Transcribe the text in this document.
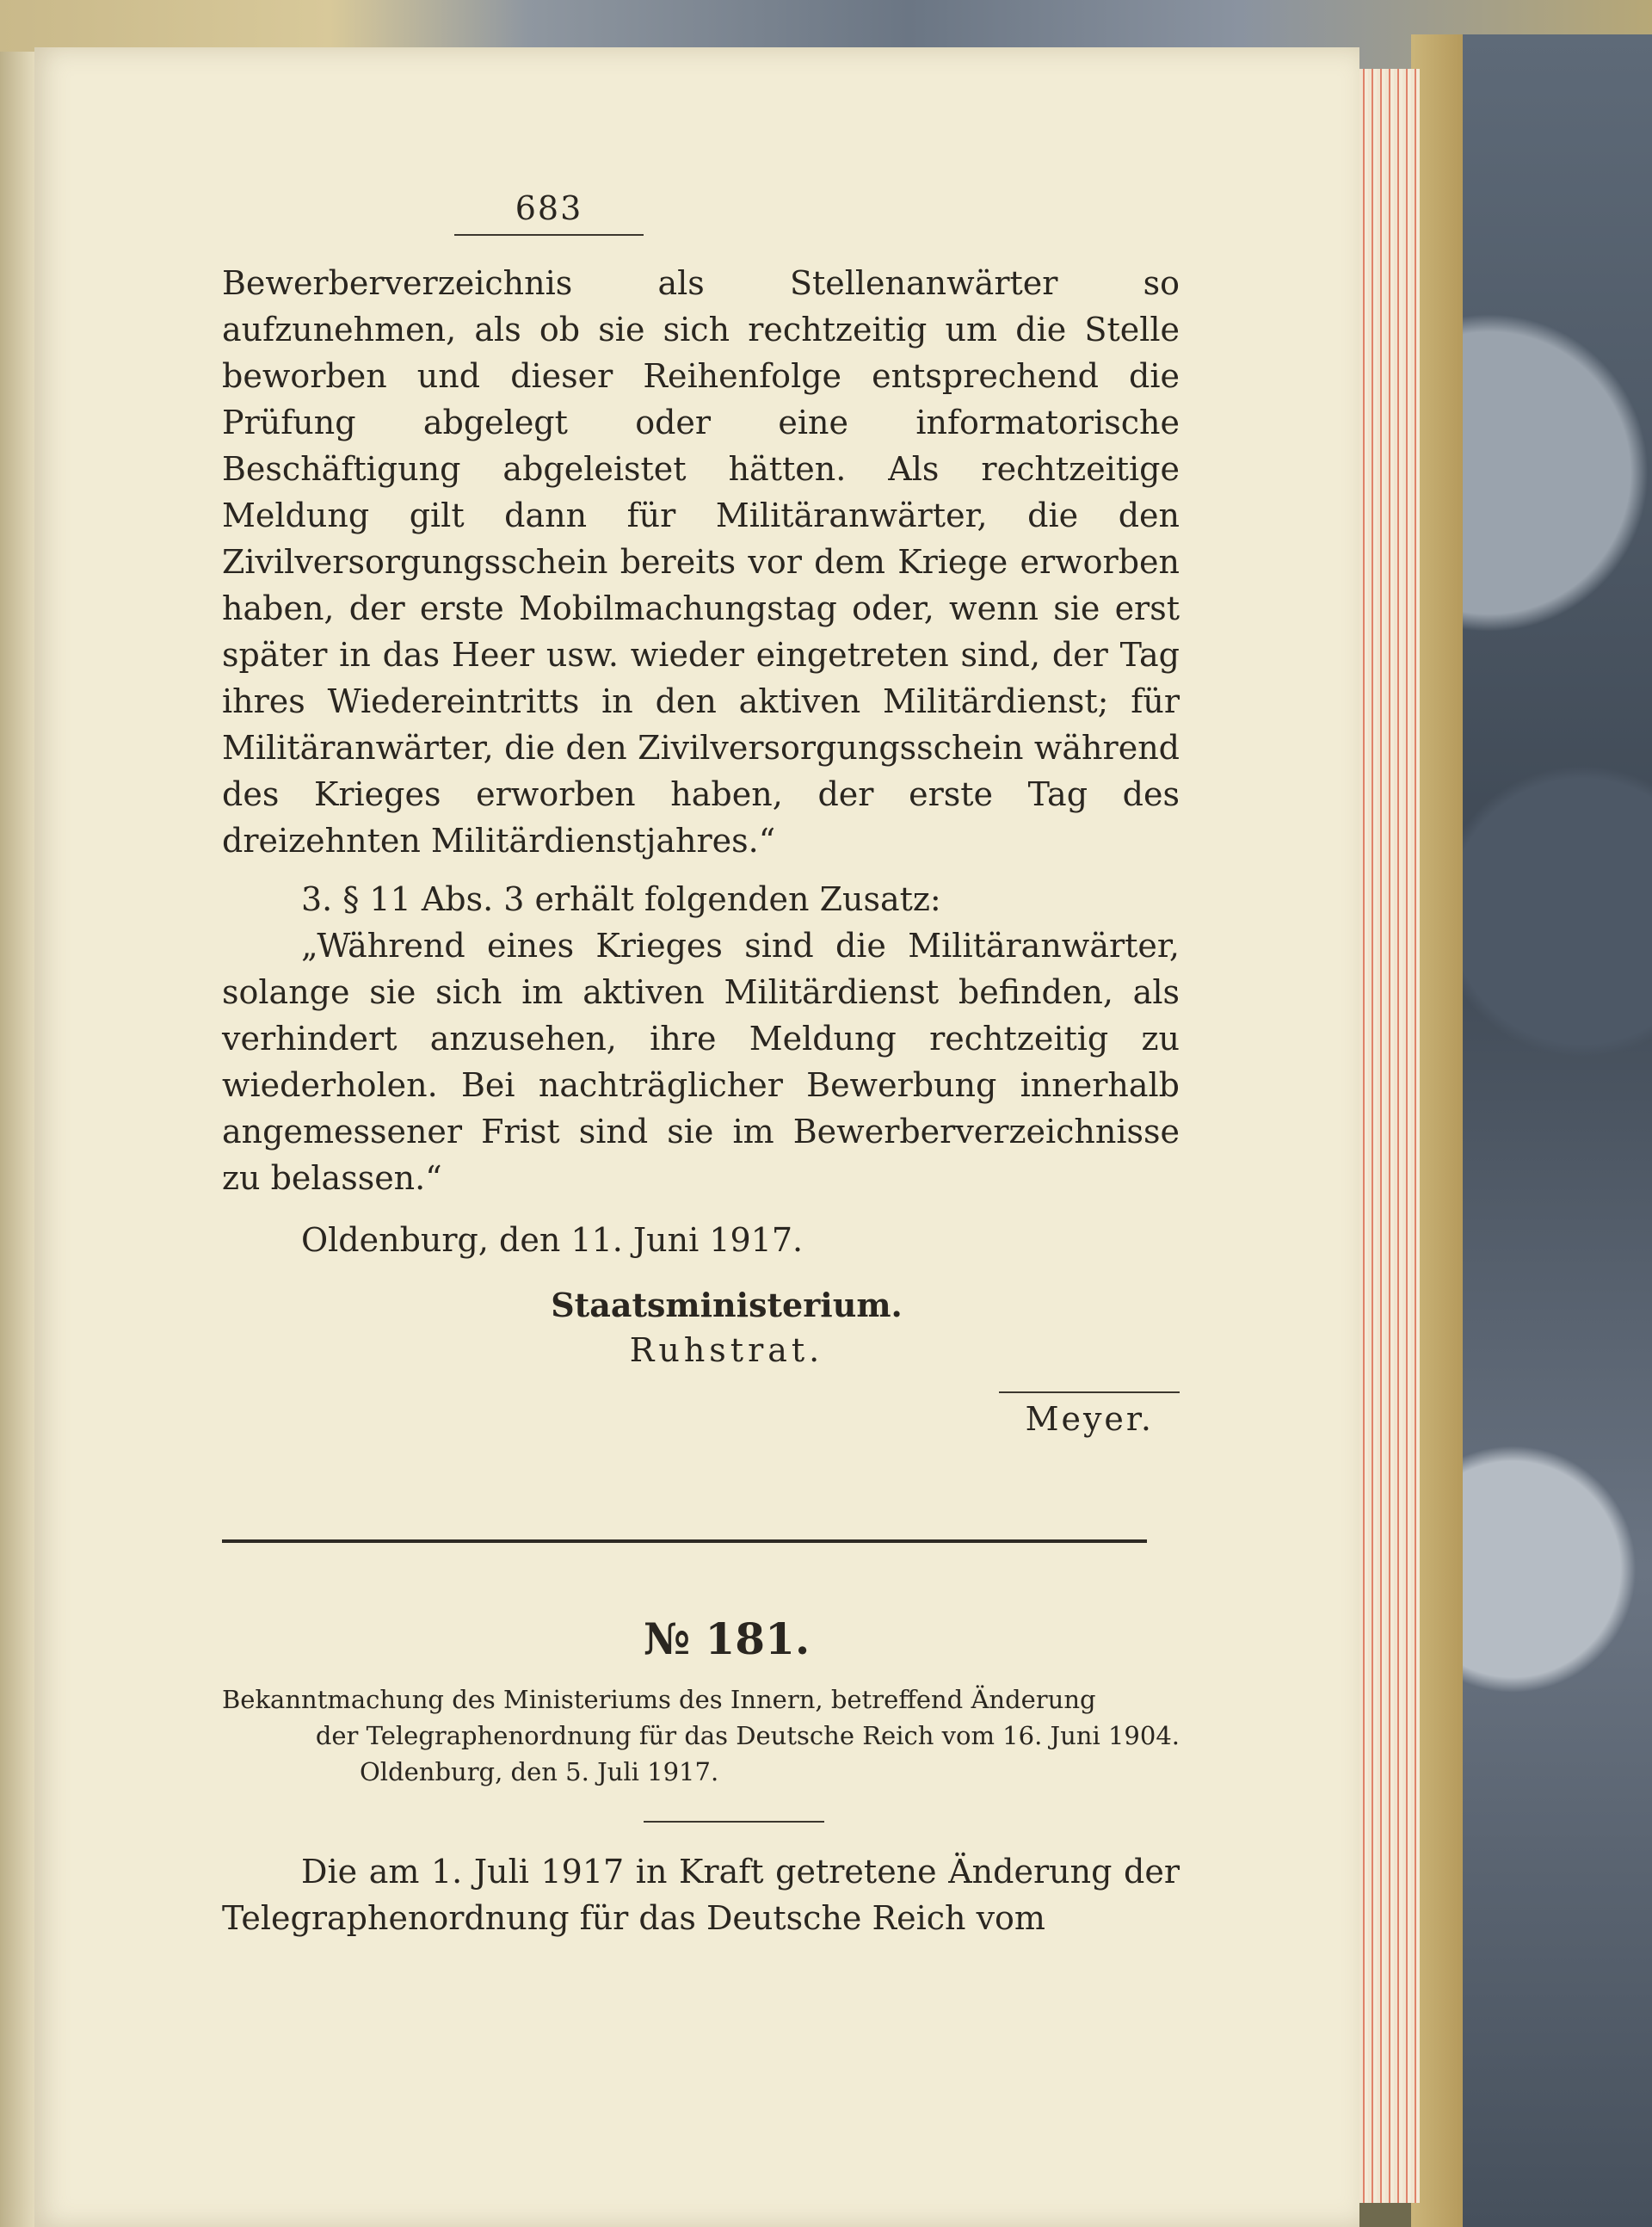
683

Bewerberverzeichnis als Stellenanwärter so aufzunehmen, als ob sie sich rechtzeitig um die Stelle beworben und dieser Reihenfolge entsprechend die Prüfung abgelegt oder eine informatorische Beschäftigung abgeleistet hätten. Als rechtzeitige Meldung gilt dann für Militäranwärter, die den Zivilversorgungsschein bereits vor dem Kriege erworben haben, der erste Mobilmachungstag oder, wenn sie erst später in das Heer usw. wieder eingetreten sind, der Tag ihres Wiedereintritts in den aktiven Militärdienst; für Militäranwärter, die den Zivilversorgungsschein während des Krieges erworben haben, der erste Tag des dreizehnten Militärdienstjahres.“

3. § 11 Abs. 3 erhält folgenden Zusatz:

„Während eines Krieges sind die Militäranwärter, solange sie sich im aktiven Militärdienst befinden, als verhindert anzusehen, ihre Meldung rechtzeitig zu wiederholen. Bei nachträglicher Bewerbung innerhalb angemessener Frist sind sie im Bewerberverzeichnisse zu belassen.“

Oldenburg, den 11. Juni 1917.

Staatsministerium.
Ruhstrat.
Meyer.
№ 181.
Bekanntmachung des Ministeriums des Innern, betreffend Änderung
der Telegraphenordnung für das Deutsche Reich vom 16. Juni 1904.
Oldenburg, den 5. Juli 1917.

Die am 1. Juli 1917 in Kraft getretene Änderung der Telegraphenordnung für das Deutsche Reich vom
